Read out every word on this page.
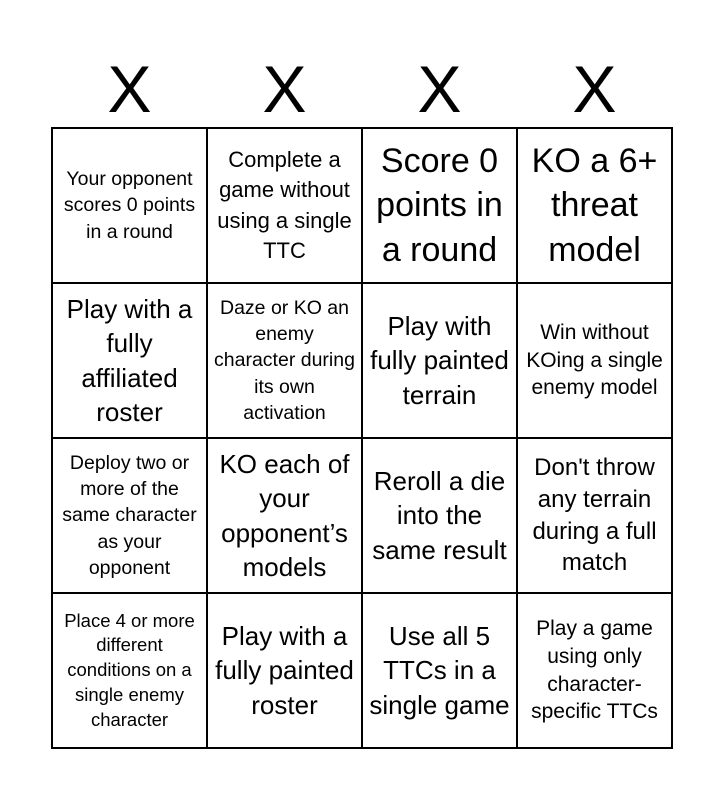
X	X	X	X
Your opponent scores 0 points in a round
Complete a game without using a single TTC
Score 0 points in a round
KO a 6+ threat model
Play with a fully affiliated roster
Daze or KO an enemy character during its own activation
Play with fully painted terrain
Win without KOing a single enemy model
Deploy two or more of the same character as your opponent
KO each of your opponent’s models
Reroll a die into the same result
Don't throw any terrain during a full match
Place 4 or more different conditions on a single enemy character
Play with a fully painted roster
Use all 5 TTCs in a single game
Play a game using only character-specific TTCs
